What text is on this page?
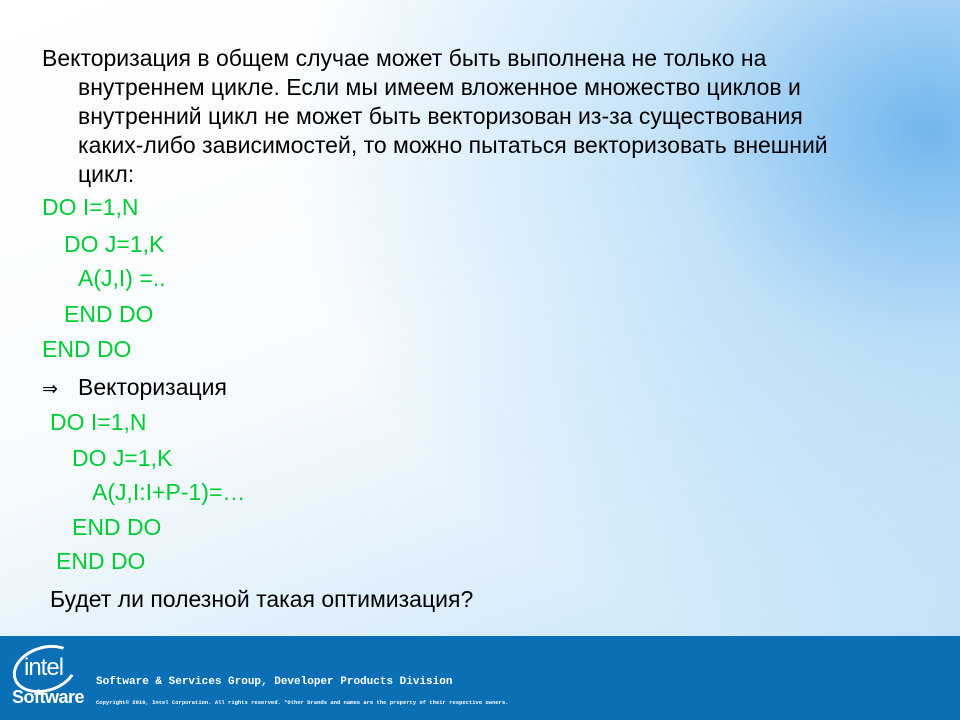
Векторизация в общем случае может быть выполнена не только на
внутреннем цикле. Если мы имеем вложенное множество циклов и внутренний цикл не может быть векторизован из-за существования каких-либо зависимостей, то можно пытаться векторизовать внешний цикл:

DO I=1,N

DO J=1,K

A(J,I) =..

END DO

END DO

⇒ Векторизация

DO I=1,N

DO J=1,K

A(J,I:I+P-1)=…

END DO

END DO

Будет ли полезной такая оптимизация?

intel
Software
Software & Services Group, Developer Products Division
Copyright© 2010, Intel Corporation. All rights reserved. *Other brands and names are the property of their respective owners.
